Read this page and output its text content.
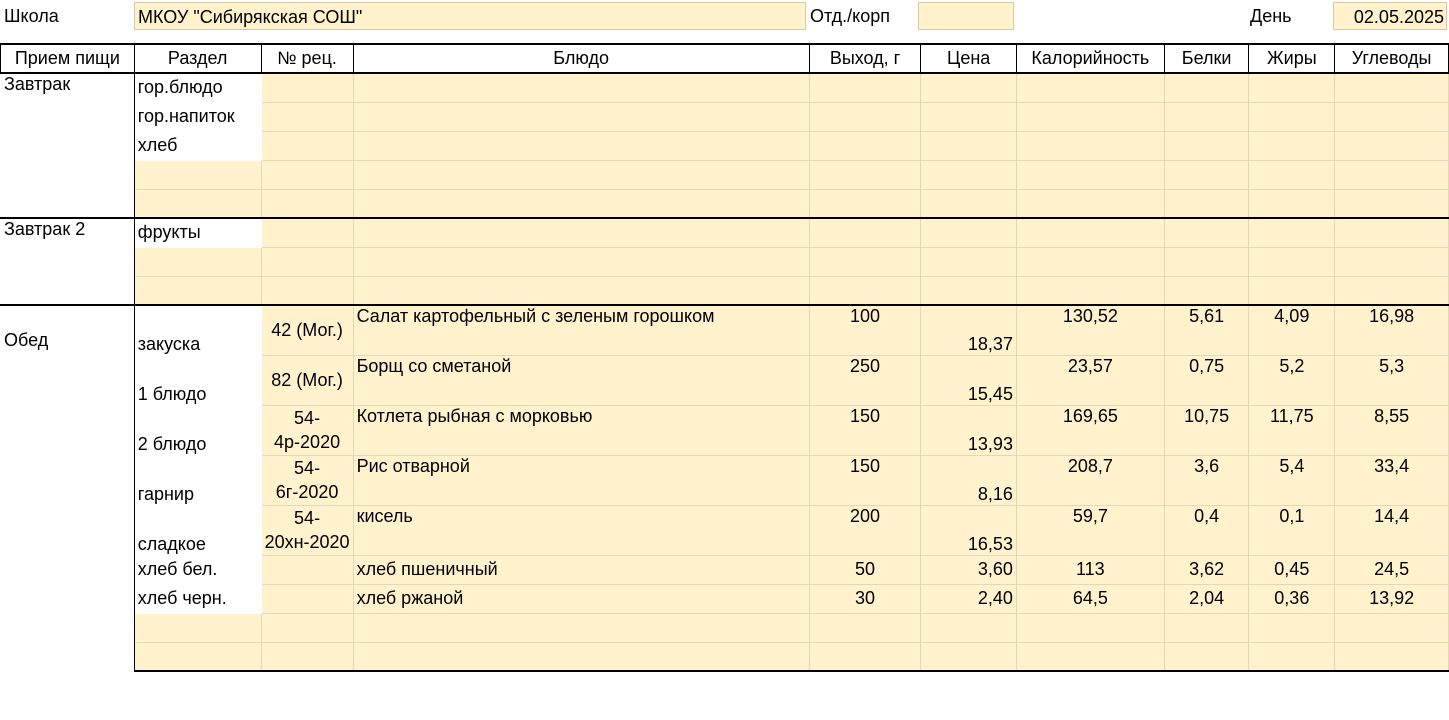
Школа	МКОУ "Сибирякская СОШ"	Отд./корп	День	02.05.2025
Прием пищи	Раздел	№ рец.	Блюдо	Выход, г	Цена	Калорийность	Белки	Жиры	Углеводы
Завтрак	гор.блюдо								
	гор.напиток								
	хлеб								

Завтрак 2	фрукты								

Обед	закуска	42 (Мог.)	Салат картофельный с зеленым горошком	100	18,37	130,52	5,61	4,09	16,98
	1 блюдо	82 (Мог.)	Борщ со сметаной	250	15,45	23,57	0,75	5,2	5,3
	2 блюдо	54-4р-2020	Котлета рыбная с морковью	150	13,93	169,65	10,75	11,75	8,55
	гарнир	54-6г-2020	Рис отварной	150	8,16	208,7	3,6	5,4	33,4
	сладкое	54-20хн-2020	кисель	200	16,53	59,7	0,4	0,1	14,4
	хлеб бел.		хлеб пшеничный	50	3,60	113	3,62	0,45	24,5
	хлеб черн.		хлеб ржаной	30	2,40	64,5	2,04	0,36	13,92
